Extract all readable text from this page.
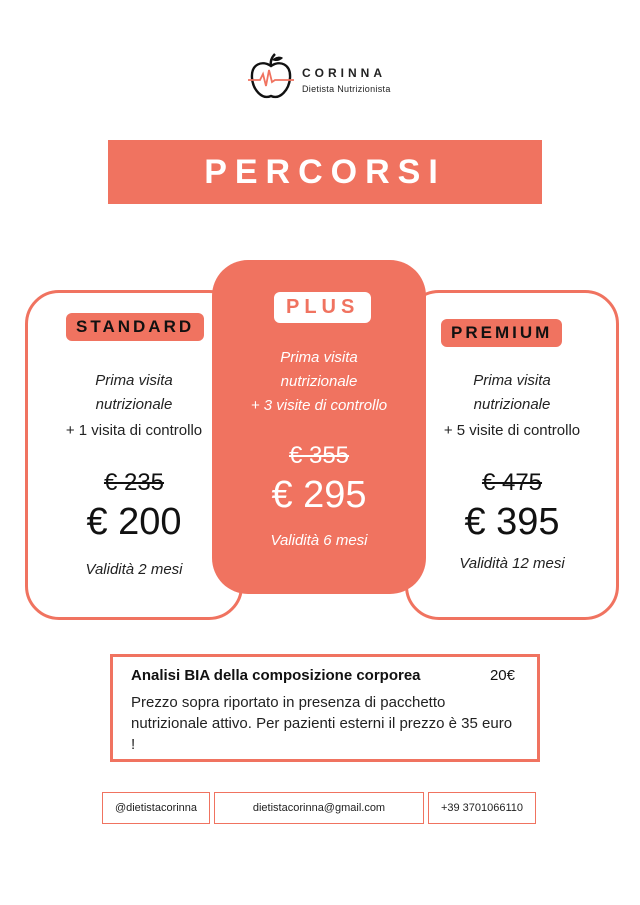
CORINNA
Dietista Nutrizionista
PERCORSI
STANDARD
Prima visita
nutrizionale
+ 1 visita di controllo
€ 235
€ 200
Validità 2 mesi
PREMIUM
Prima visita
nutrizionale
+ 5 visite di controllo
€ 475
€ 395
Validità 12 mesi
PLUS
Prima visita
nutrizionale
+ 3 visite di controllo
€ 355
€ 295
Validità 6 mesi
Analisi BIA della composizione corporea	20€
Prezzo sopra riportato in presenza di pacchetto nutrizionale attivo. Per pazienti esterni il prezzo è 35 euro !
@dietistacorinna	dietistacorinna@gmail.com	+39 3701066110
